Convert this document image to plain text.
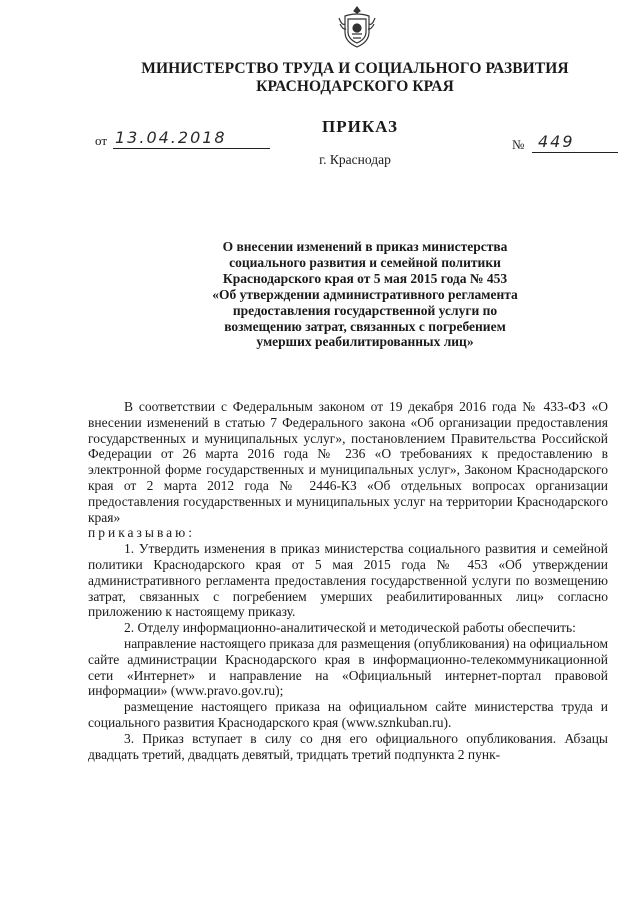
МИНИСТЕРСТВО ТРУДА И СОЦИАЛЬНОГО РАЗВИТИЯ
КРАСНОДАРСКОГО КРАЯ
ПРИКАЗ
от 13.04.2018	№ 449
г. Краснодар
О внесении изменений в приказ министерства
социального развития и семейной политики
Краснодарского края от 5 мая 2015 года № 453
«Об утверждении административного регламента
предоставления государственной услуги по
возмещению затрат, связанных с погребением
умерших реабилитированных лиц»

В соответствии с Федеральным законом от 19 декабря 2016 года № 433-ФЗ «О внесении изменений в статью 7 Федерального закона «Об организации предоставления государственных и муниципальных услуг», постановлением Правительства Российской Федерации от 26 марта 2016 года № 236 «О требованиях к предоставлению в электронной форме государственных и муниципальных услуг», Законом Краснодарского края от 2 марта 2012 года № 2446-КЗ «Об отдельных вопросах организации предоставления государственных и муниципальных услуг на территории Краснодарского края»

приказываю:

1. Утвердить изменения в приказ министерства социального развития и семейной политики Краснодарского края от 5 мая 2015 года № 453 «Об утверждении административного регламента предоставления государственной услуги по возмещению затрат, связанных с погребением умерших реабилитированных лиц» согласно приложению к настоящему приказу.

2. Отделу информационно-аналитической и методической работы обеспечить:

направление настоящего приказа для размещения (опубликования) на официальном сайте администрации Краснодарского края в информационно-телекоммуникационной сети «Интернет» и направление на «Официальный интернет-портал правовой информации» (www.pravo.gov.ru);

размещение настоящего приказа на официальном сайте министерства труда и социального развития Краснодарского края (www.sznkuban.ru).

3. Приказ вступает в силу со дня его официального опубликования. Абзацы двадцать третий, двадцать девятый, тридцать третий подпункта 2 пунк-
